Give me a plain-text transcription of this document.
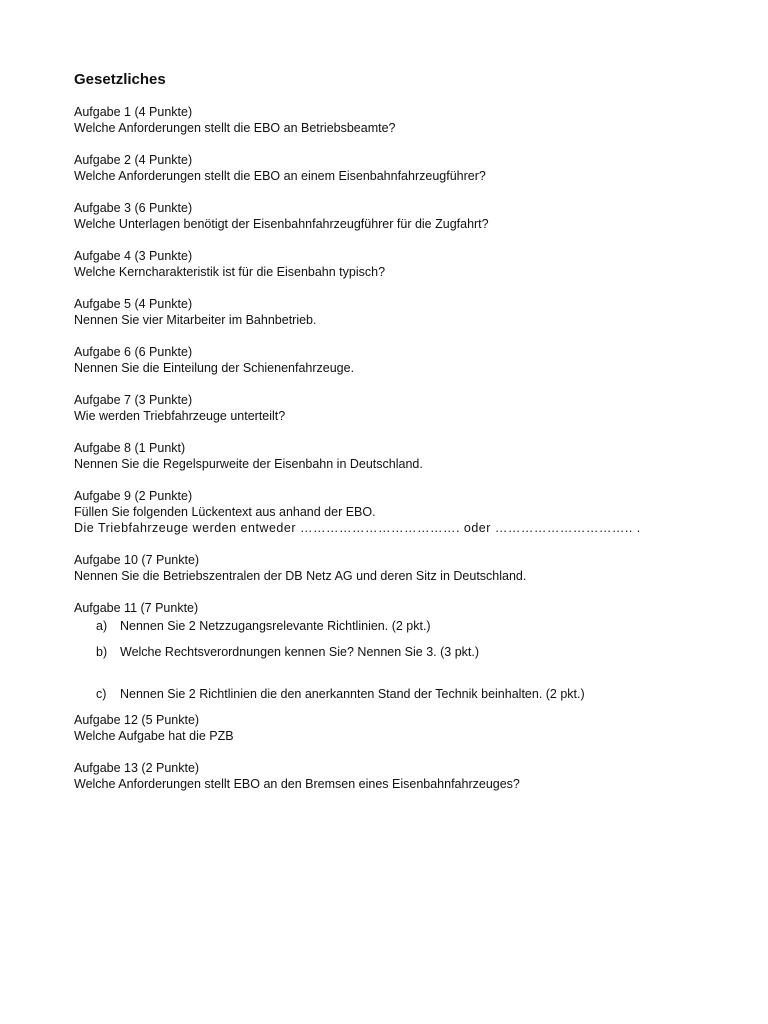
Gesetzliches
Aufgabe 1 (4 Punkte)
Welche Anforderungen stellt die EBO an Betriebsbeamte?
Aufgabe 2 (4 Punkte)
Welche Anforderungen stellt die EBO an einem Eisenbahnfahrzeugführer?
Aufgabe 3 (6 Punkte)
Welche Unterlagen benötigt der Eisenbahnfahrzeugführer für die Zugfahrt?
Aufgabe 4 (3 Punkte)
Welche Kerncharakteristik ist für die Eisenbahn typisch?
Aufgabe 5 (4 Punkte)
Nennen Sie vier Mitarbeiter im Bahnbetrieb.
Aufgabe 6 (6 Punkte)
Nennen Sie die Einteilung der Schienenfahrzeuge.
Aufgabe 7 (3 Punkte)
Wie werden Triebfahrzeuge unterteilt?
Aufgabe 8 (1 Punkt)
Nennen Sie die Regelspurweite der Eisenbahn in Deutschland.
Aufgabe 9 (2 Punkte)
Füllen Sie folgenden Lückentext aus anhand der EBO.
Die Triebfahrzeuge werden entweder ………………………………. oder ………………………….. .
Aufgabe 10 (7 Punkte)
Nennen Sie die Betriebszentralen der DB Netz AG und deren Sitz in Deutschland.
Aufgabe 11 (7 Punkte)
a)	Nennen Sie 2 Netzzugangsrelevante Richtlinien. (2 pkt.)
b)	Welche Rechtsverordnungen kennen Sie? Nennen Sie 3. (3 pkt.)
c)	Nennen Sie 2 Richtlinien die den anerkannten Stand der Technik beinhalten. (2 pkt.)
Aufgabe 12 (5 Punkte)
Welche Aufgabe hat die PZB
Aufgabe 13 (2 Punkte)
Welche Anforderungen stellt EBO an den Bremsen eines Eisenbahnfahrzeuges?
